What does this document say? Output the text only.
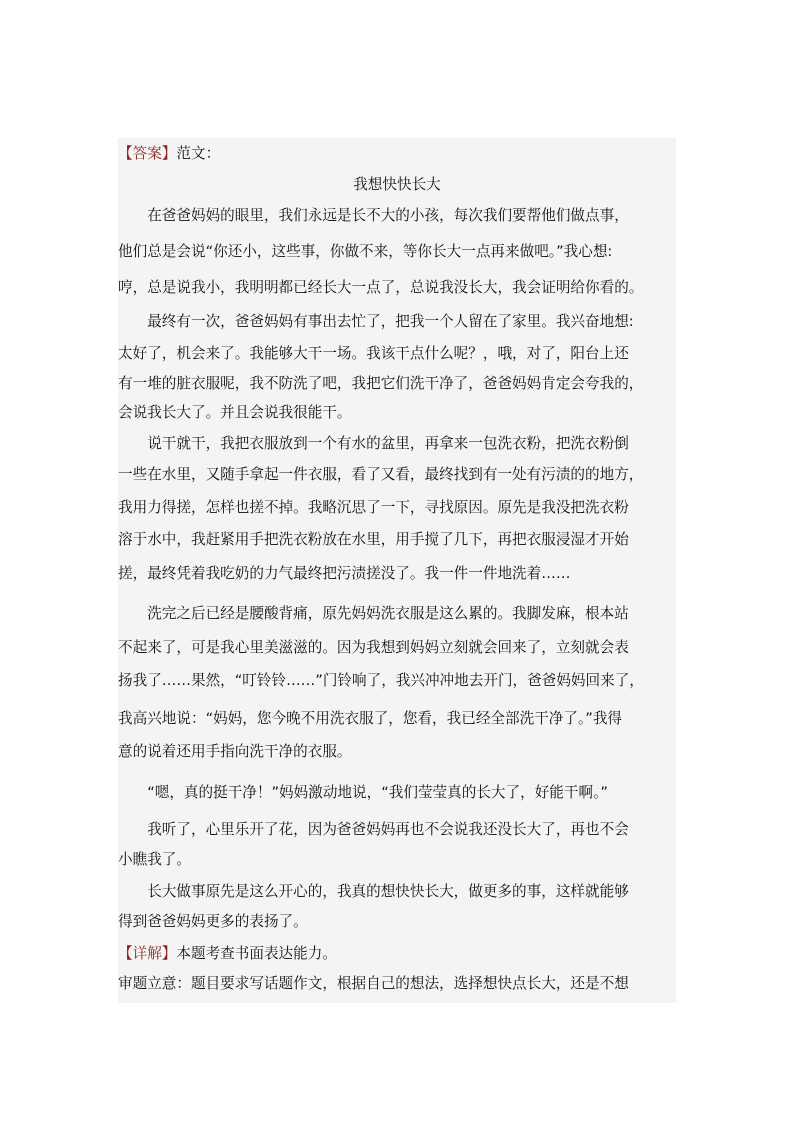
【答案】范文：
我想快快长大
　　在爸爸妈妈的眼里，我们永远是长不大的小孩，每次我们要帮他们做点事，
他们总是会说“你还小，这些事，你做不来，等你长大一点再来做吧。”我心想:
哼，总是说我小，我明明都已经长大一点了，总说我没长大，我会证明给你看的。
　　最终有一次，爸爸妈妈有事出去忙了，把我一个人留在了家里。我兴奋地想:
太好了，机会来了。我能够大干一场。我该干点什么呢？，哦，对了，阳台上还
有一堆的脏衣服呢，我不防洗了吧，我把它们洗干净了，爸爸妈妈肯定会夸我的，
会说我长大了。并且会说我很能干。
　　说干就干，我把衣服放到一个有水的盆里，再拿来一包洗衣粉，把洗衣粉倒
一些在水里，又随手拿起一件衣服，看了又看，最终找到有一处有污渍的的地方，
我用力得搓，怎样也搓不掉。我略沉思了一下，寻找原因。原先是我没把洗衣粉
溶于水中，我赶紧用手把洗衣粉放在水里，用手搅了几下，再把衣服浸湿才开始
搓，最终凭着我吃奶的力气最终把污渍搓没了。我一件一件地洗着……
　　洗完之后已经是腰酸背痛，原先妈妈洗衣服是这么累的。我脚发麻，根本站
不起来了，可是我心里美滋滋的。因为我想到妈妈立刻就会回来了，立刻就会表
扬我了……果然，“叮铃铃……”门铃响了，我兴冲冲地去开门，爸爸妈妈回来了，
我高兴地说：“妈妈，您今晚不用洗衣服了，您看，我已经全部洗干净了。”我得
意的说着还用手指向洗干净的衣服。
　　“嗯，真的挺干净！”妈妈激动地说，“我们莹莹真的长大了，好能干啊。”
　　我听了，心里乐开了花，因为爸爸妈妈再也不会说我还没长大了，再也不会
小瞧我了。
　　长大做事原先是这么开心的，我真的想快快长大，做更多的事，这样就能够
得到爸爸妈妈更多的表扬了。
【详解】本题考查书面表达能力。
审题立意：题目要求写话题作文，根据自己的想法，选择想快点长大，还是不想
